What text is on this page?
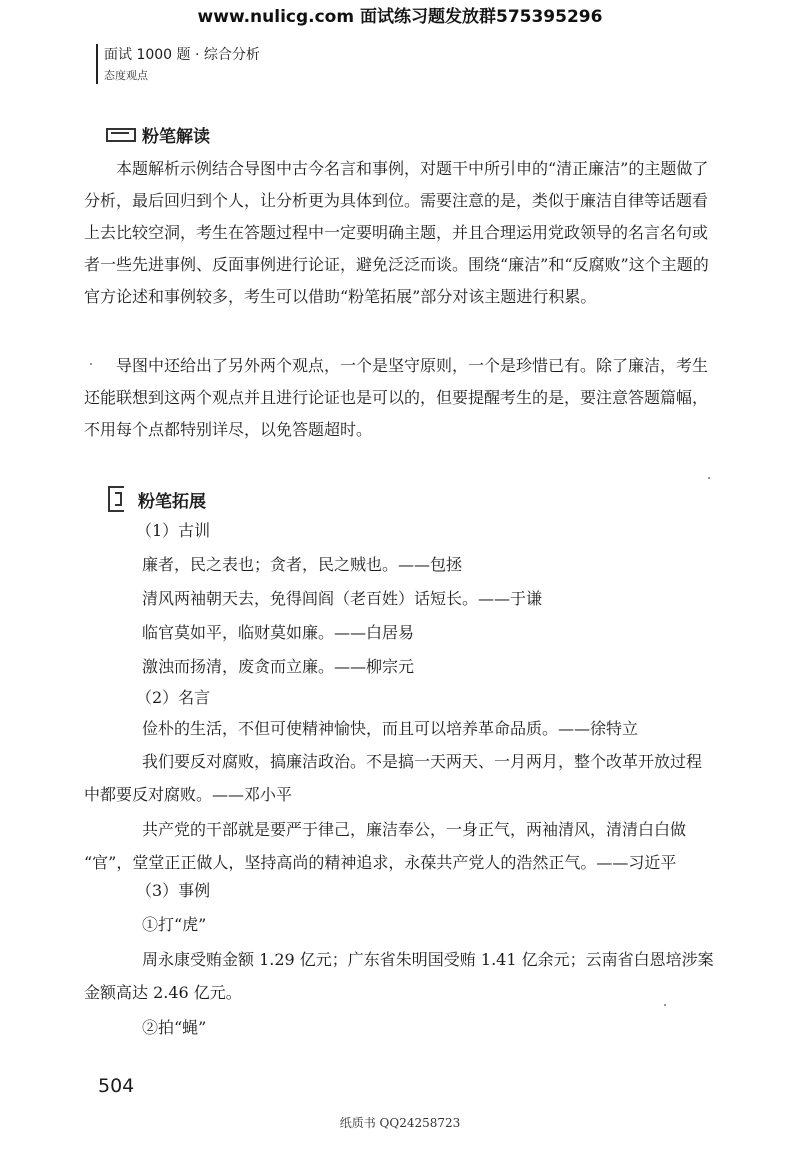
www.nulicg.com 面试练习题发放群575395296
面试 1000 题 · 综合分析
态度观点
粉笔解读

本题解析示例结合导图中古今名言和事例，对题干中所引申的“清正廉洁”的主题做了分析，最后回归到个人，让分析更为具体到位。需要注意的是，类似于廉洁自律等话题看上去比较空洞，考生在答题过程中一定要明确主题，并且合理运用党政领导的名言名句或者一些先进事例、反面事例进行论证，避免泛泛而谈。围绕“廉洁”和“反腐败”这个主题的官方论述和事例较多，考生可以借助“粉笔拓展”部分对该主题进行积累。

导图中还给出了另外两个观点，一个是坚守原则，一个是珍惜已有。除了廉洁，考生还能联想到这两个观点并且进行论证也是可以的，但要提醒考生的是，要注意答题篇幅，不用每个点都特别详尽，以免答题超时。

粉笔拓展
（1）古训
廉者，民之表也；贪者，民之贼也。——包拯
清风两袖朝天去，免得闾阎（老百姓）话短长。——于谦
临官莫如平，临财莫如廉。——白居易
激浊而扬清，废贪而立廉。——柳宗元
（2）名言
俭朴的生活，不但可使精神愉快，而且可以培养革命品质。——徐特立
我们要反对腐败，搞廉洁政治。不是搞一天两天、一月两月，整个改革开放过程
中都要反对腐败。——邓小平
共产党的干部就是要严于律己，廉洁奉公，一身正气，两袖清风，清清白白做
“官”，堂堂正正做人，坚持高尚的精神追求，永葆共产党人的浩然正气。——习近平
（3）事例
①打“虎”
周永康受贿金额 1.29 亿元；广东省朱明国受贿 1.41 亿余元；云南省白恩培涉案
金额高达 2.46 亿元。
②拍“蝇”
504
纸质书 QQ24258723
